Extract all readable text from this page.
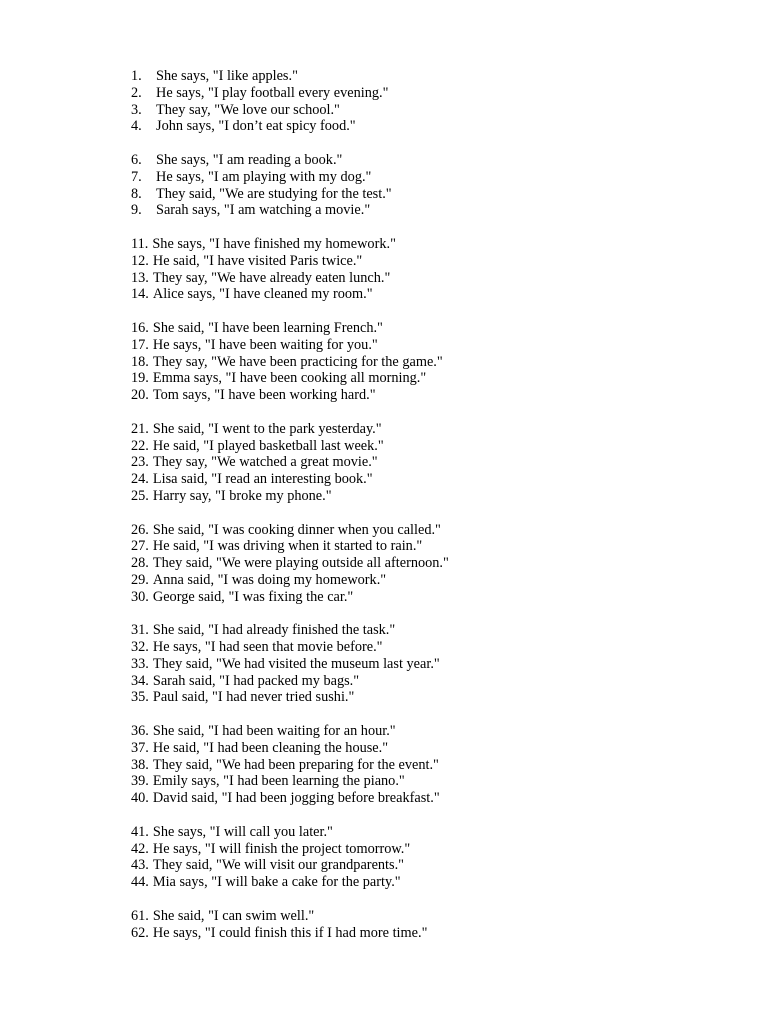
1. She says, "I like apples."
2. He says, "I play football every evening."
3. They say, "We love our school."
4. John says, "I don’t eat spicy food."
6. She says, "I am reading a book."
7. He says, "I am playing with my dog."
8. They said, "We are studying for the test."
9. Sarah says, "I am watching a movie."
11. She says, "I have finished my homework."
12. He said, "I have visited Paris twice."
13. They say, "We have already eaten lunch."
14. Alice says, "I have cleaned my room."
16. She said, "I have been learning French."
17. He says, "I have been waiting for you."
18. They say, "We have been practicing for the game."
19. Emma says, "I have been cooking all morning."
20. Tom says, "I have been working hard."
21. She said, "I went to the park yesterday."
22. He said, "I played basketball last week."
23. They say, "We watched a great movie."
24. Lisa said, "I read an interesting book."
25. Harry say, "I broke my phone."
26. She said, "I was cooking dinner when you called."
27. He said, "I was driving when it started to rain."
28. They said, "We were playing outside all afternoon."
29. Anna said, "I was doing my homework."
30. George said, "I was fixing the car."
31. She said, "I had already finished the task."
32. He says, "I had seen that movie before."
33. They said, "We had visited the museum last year."
34. Sarah said, "I had packed my bags."
35. Paul said, "I had never tried sushi."
36. She said, "I had been waiting for an hour."
37. He said, "I had been cleaning the house."
38. They said, "We had been preparing for the event."
39. Emily says, "I had been learning the piano."
40. David said, "I had been jogging before breakfast."
41. She says, "I will call you later."
42. He says, "I will finish the project tomorrow."
43. They said, "We will visit our grandparents."
44. Mia says, "I will bake a cake for the party."
61. She said, "I can swim well."
62. He says, "I could finish this if I had more time."
